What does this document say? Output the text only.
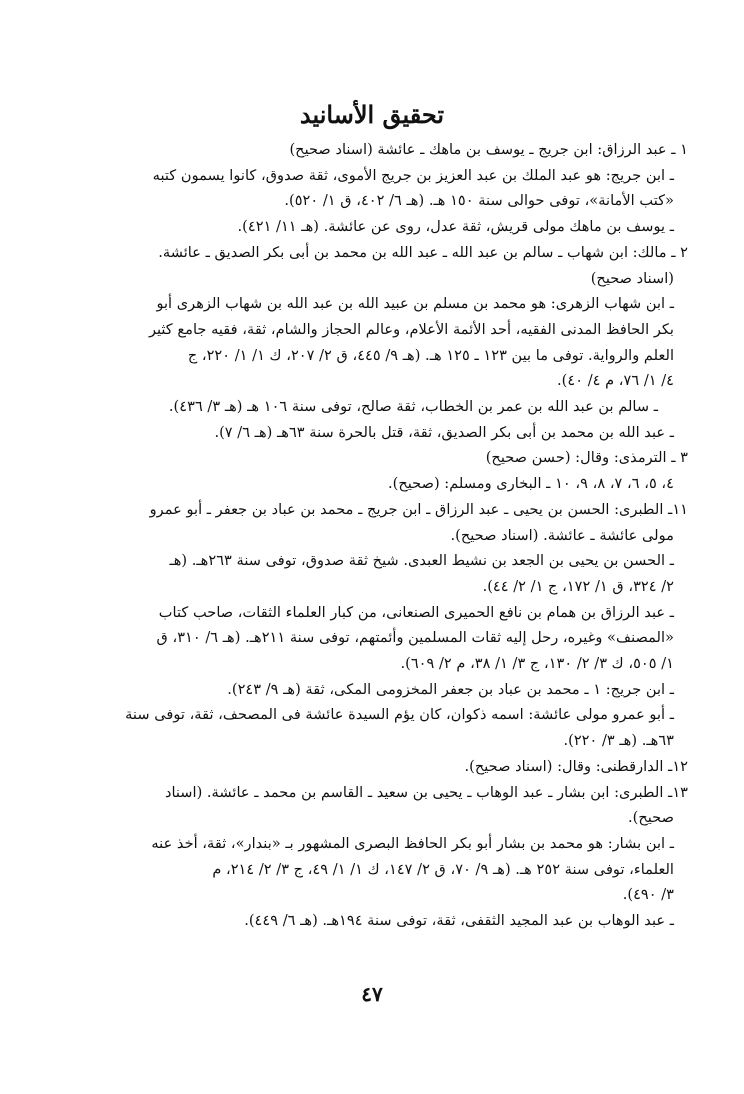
تحقيق الأسانيد
١ ـ عبد الرزاق: ابن جريج ـ يوسف بن ماهك ـ عائشة (اسناد صحيح)
ـ ابن جريج: هو عبد الملك بن عبد العزيز بن جريج الأموى، ثقة صدوق، كانوا يسمون كتبه
«كتب الأمانة»، توفى حوالى سنة ١٥٠ هـ. (هـ ٦/ ٤٠٢، ق ١/ ٥٢٠).
ـ يوسف بن ماهك مولى قريش، ثقة عدل، روى عن عائشة. (هـ ١١/ ٤٢١).
٢ ـ مالك: ابن شهاب ـ سالم بن عبد الله ـ عبد الله بن محمد بن أبى بكر الصديق ـ عائشة.
(اسناد صحيح)
ـ ابن شهاب الزهرى: هو محمد بن مسلم بن عبيد الله بن عبد الله بن شهاب الزهرى أبو
بكر الحافظ المدنى الفقيه، أحد الأئمة الأعلام، وعالم الحجاز والشام، ثقة، فقيه جامع كثير
العلم والرواية. توفى ما بين ١٢٣ ـ ١٢٥ هـ. (هـ ٩/ ٤٤٥، ق ٢/ ٢٠٧، ك ١/ ١/ ٢٢٠، ج
٤/ ١/ ٧٦، م ٤/ ٤٠).
ـ سالم بن عبد الله بن عمر بن الخطاب، ثقة صالح، توفى سنة ١٠٦ هـ (هـ ٣/ ٤٣٦).
ـ عبد الله بن محمد بن أبى بكر الصديق، ثقة، قتل بالحرة سنة ٦٣هـ (هـ ٦/ ٧).
٣ ـ الترمذى: وقال: (حسن صحيح)
٤، ٥، ٦، ٧، ٨، ٩، ١٠ ـ البخارى ومسلم: (صحيح).
١١ـ الطبرى: الحسن بن يحيى ـ عبد الرزاق ـ ابن جريج ـ محمد بن عباد بن جعفر ـ أبو عمرو
مولى عائشة ـ عائشة. (اسناد صحيح).
ـ الحسن بن يحيى بن الجعد بن نشيط العبدى. شيخ ثقة صدوق، توفى سنة ٢٦٣هـ. (هـ
٢/ ٣٢٤، ق ١/ ١٧٢، ج ١/ ٢/ ٤٤).
ـ عبد الرزاق بن همام بن نافع الحميرى الصنعانى، من كبار العلماء الثقات، صاحب كتاب
«المصنف» وغيره، رحل إليه ثقات المسلمين وأئمتهم، توفى سنة ٢١١هـ. (هـ ٦/ ٣١٠، ق
١/ ٥٠٥، ك ٣/ ٢/ ١٣٠، ج ٣/ ١/ ٣٨، م ٢/ ٦٠٩).
ـ ابن جريج: ١ ـ محمد بن عباد بن جعفر المخزومى المكى، ثقة (هـ ٩/ ٢٤٣).
ـ أبو عمرو مولى عائشة: اسمه ذكوان، كان يؤم السيدة عائشة فى المصحف، ثقة، توفى سنة
٦٣هـ. (هـ ٣/ ٢٢٠).
١٢ـ الدارقطنى: وقال: (اسناد صحيح).
١٣ـ الطبرى: ابن بشار ـ عبد الوهاب ـ يحيى بن سعيد ـ القاسم بن محمد ـ عائشة. (اسناد
صحيح).
ـ ابن بشار: هو محمد بن بشار أبو بكر الحافظ البصرى المشهور بـ «بندار»، ثقة، أخذ عنه
العلماء، توفى سنة ٢٥٢ هـ. (هـ ٩/ ٧٠، ق ٢/ ١٤٧، ك ١/ ١/ ٤٩، ج ٣/ ٢/ ٢١٤، م
٣/ ٤٩٠).
ـ عبد الوهاب بن عبد المجيد الثقفى، ثقة، توفى سنة ١٩٤هـ. (هـ ٦/ ٤٤٩).
٤٧
